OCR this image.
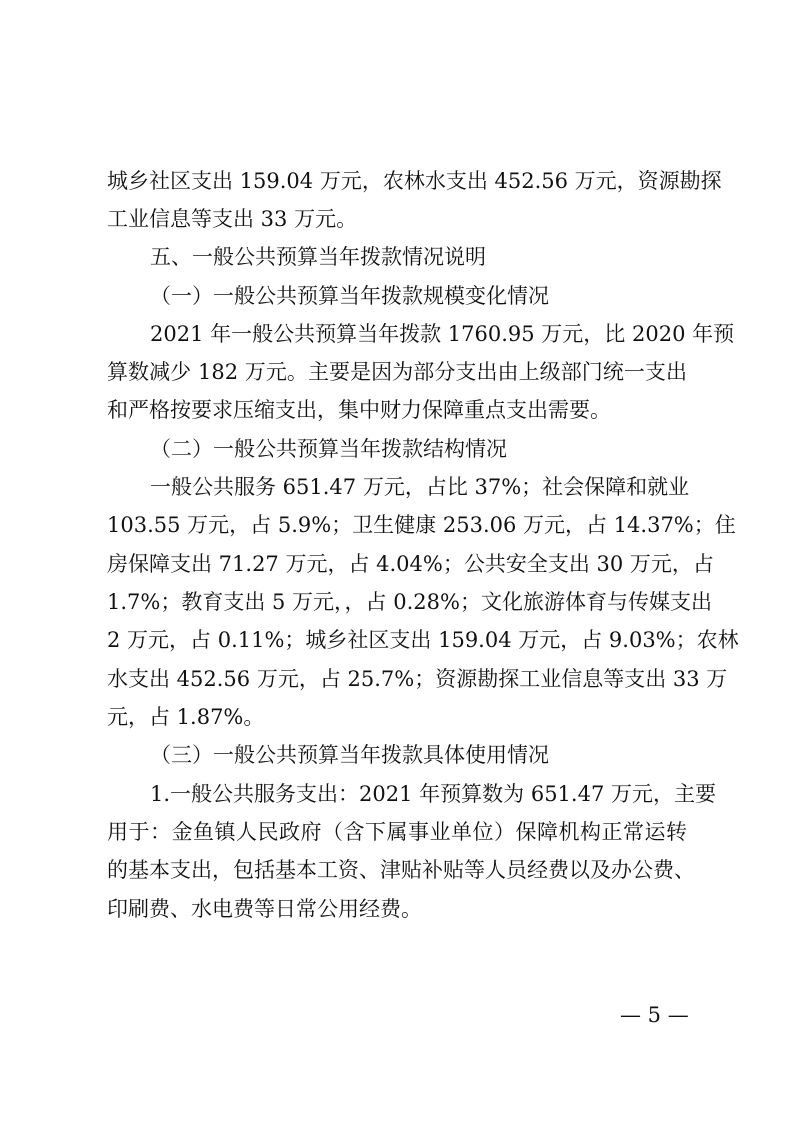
城乡社区支出 159.04 万元，农林水支出 452.56 万元，资源勘探
工业信息等支出 33 万元。
五、一般公共预算当年拨款情况说明
（一）一般公共预算当年拨款规模变化情况
2021 年一般公共预算当年拨款 1760.95 万元，比 2020 年预
算数减少 182 万元。主要是因为部分支出由上级部门统一支出
和严格按要求压缩支出，集中财力保障重点支出需要。
（二）一般公共预算当年拨款结构情况
一般公共服务 651.47 万元，占比 37%；社会保障和就业
103.55 万元，占 5.9%；卫生健康 253.06 万元，占 14.37%；住
房保障支出 71.27 万元，占 4.04%；公共安全支出 30 万元，占
1.7%；教育支出 5 万元，，占 0.28%；文化旅游体育与传媒支出
2 万元，占 0.11%；城乡社区支出 159.04 万元，占 9.03%；农林
水支出 452.56 万元，占 25.7%；资源勘探工业信息等支出 33 万
元，占 1.87%。
（三）一般公共预算当年拨款具体使用情况
1.一般公共服务支出：2021 年预算数为 651.47 万元，主要
用于：金鱼镇人民政府（含下属事业单位）保障机构正常运转
的基本支出，包括基本工资、津贴补贴等人员经费以及办公费、
印刷费、水电费等日常公用经费。
— 5 —
